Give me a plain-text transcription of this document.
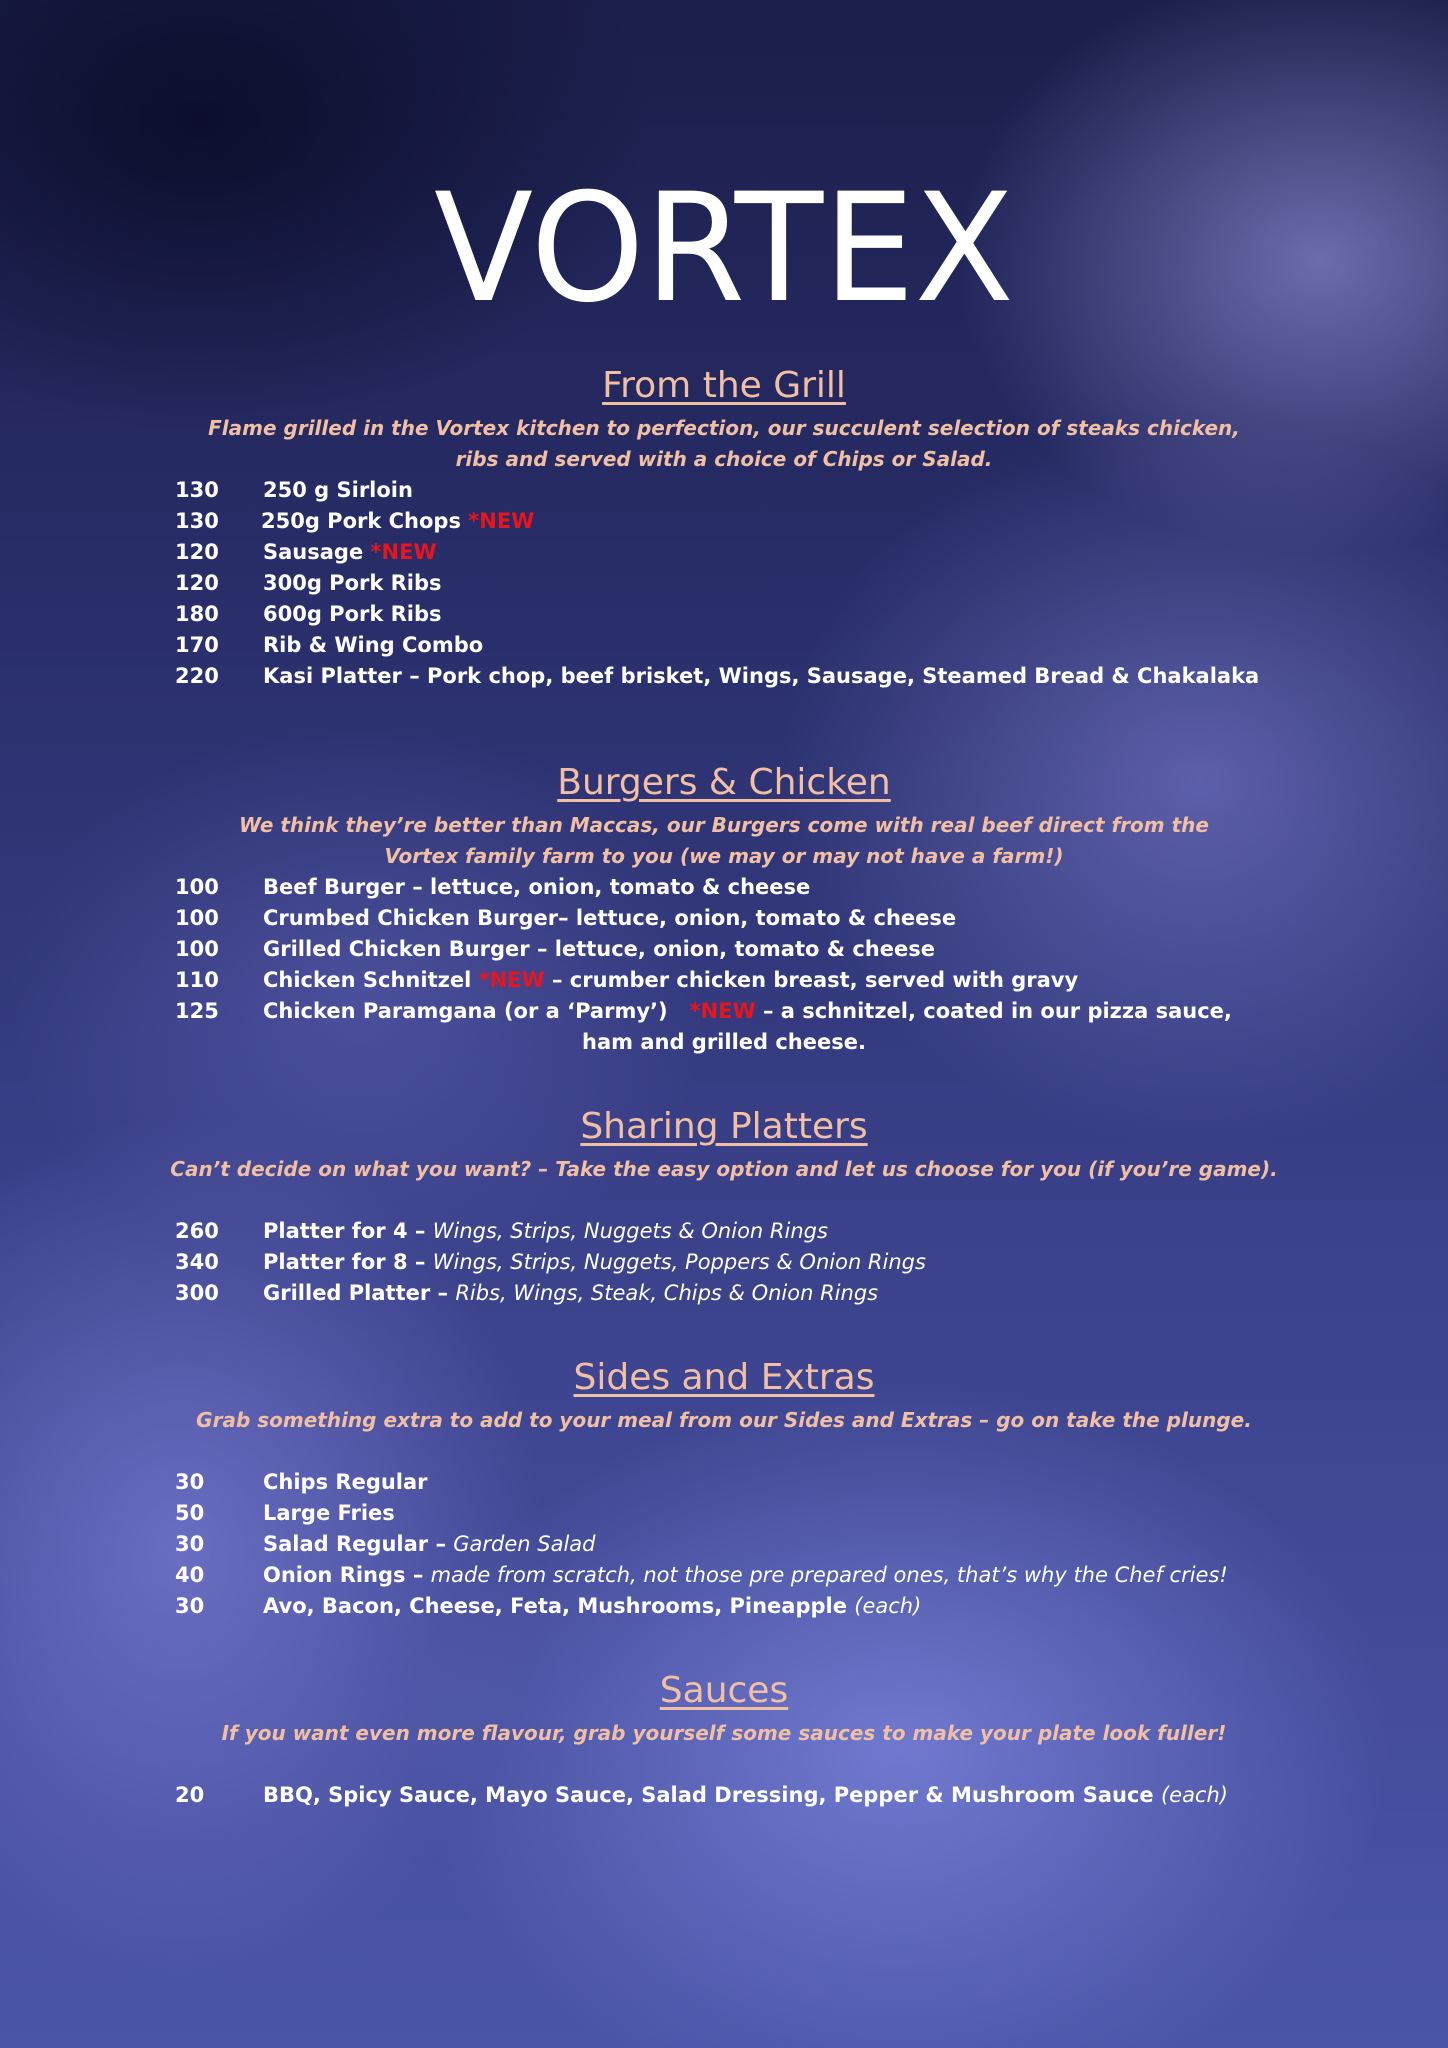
VORTEX
From the Grill
Flame grilled in the Vortex kitchen to perfection, our succulent selection of steaks chicken,
ribs and served with a choice of Chips or Salad.
130 250 g Sirloin
130 250g Pork Chops *NEW
120 Sausage *NEW
120 300g Pork Ribs
180 600g Pork Ribs
170 Rib & Wing Combo
220 Kasi Platter – Pork chop, beef brisket, Wings, Sausage, Steamed Bread & Chakalaka
Burgers & Chicken
We think they’re better than Maccas, our Burgers come with real beef direct from the
Vortex family farm to you (we may or may not have a farm!)
100 Beef Burger – lettuce, onion, tomato & cheese
100 Crumbed Chicken Burger– lettuce, onion, tomato & cheese
100 Grilled Chicken Burger – lettuce, onion, tomato & cheese
110 Chicken Schnitzel *NEW – crumber chicken breast, served with gravy
125 Chicken Paramgana (or a ‘Parmy’) *NEW – a schnitzel, coated in our pizza sauce,
ham and grilled cheese.
Sharing Platters
Can’t decide on what you want? – Take the easy option and let us choose for you (if you’re game).
260 Platter for 4 – Wings, Strips, Nuggets & Onion Rings
340 Platter for 8 – Wings, Strips, Nuggets, Poppers & Onion Rings
300 Grilled Platter – Ribs, Wings, Steak, Chips & Onion Rings
Sides and Extras
Grab something extra to add to your meal from our Sides and Extras – go on take the plunge.
30	Chips Regular
50	Large Fries
30	Salad Regular – Garden Salad
40	Onion Rings – made from scratch, not those pre prepared ones, that’s why the Chef cries!
30	Avo, Bacon, Cheese, Feta, Mushrooms, Pineapple (each)
Sauces
If you want even more flavour, grab yourself some sauces to make your plate look fuller!
20	BBQ, Spicy Sauce, Mayo Sauce, Salad Dressing, Pepper & Mushroom Sauce (each)
